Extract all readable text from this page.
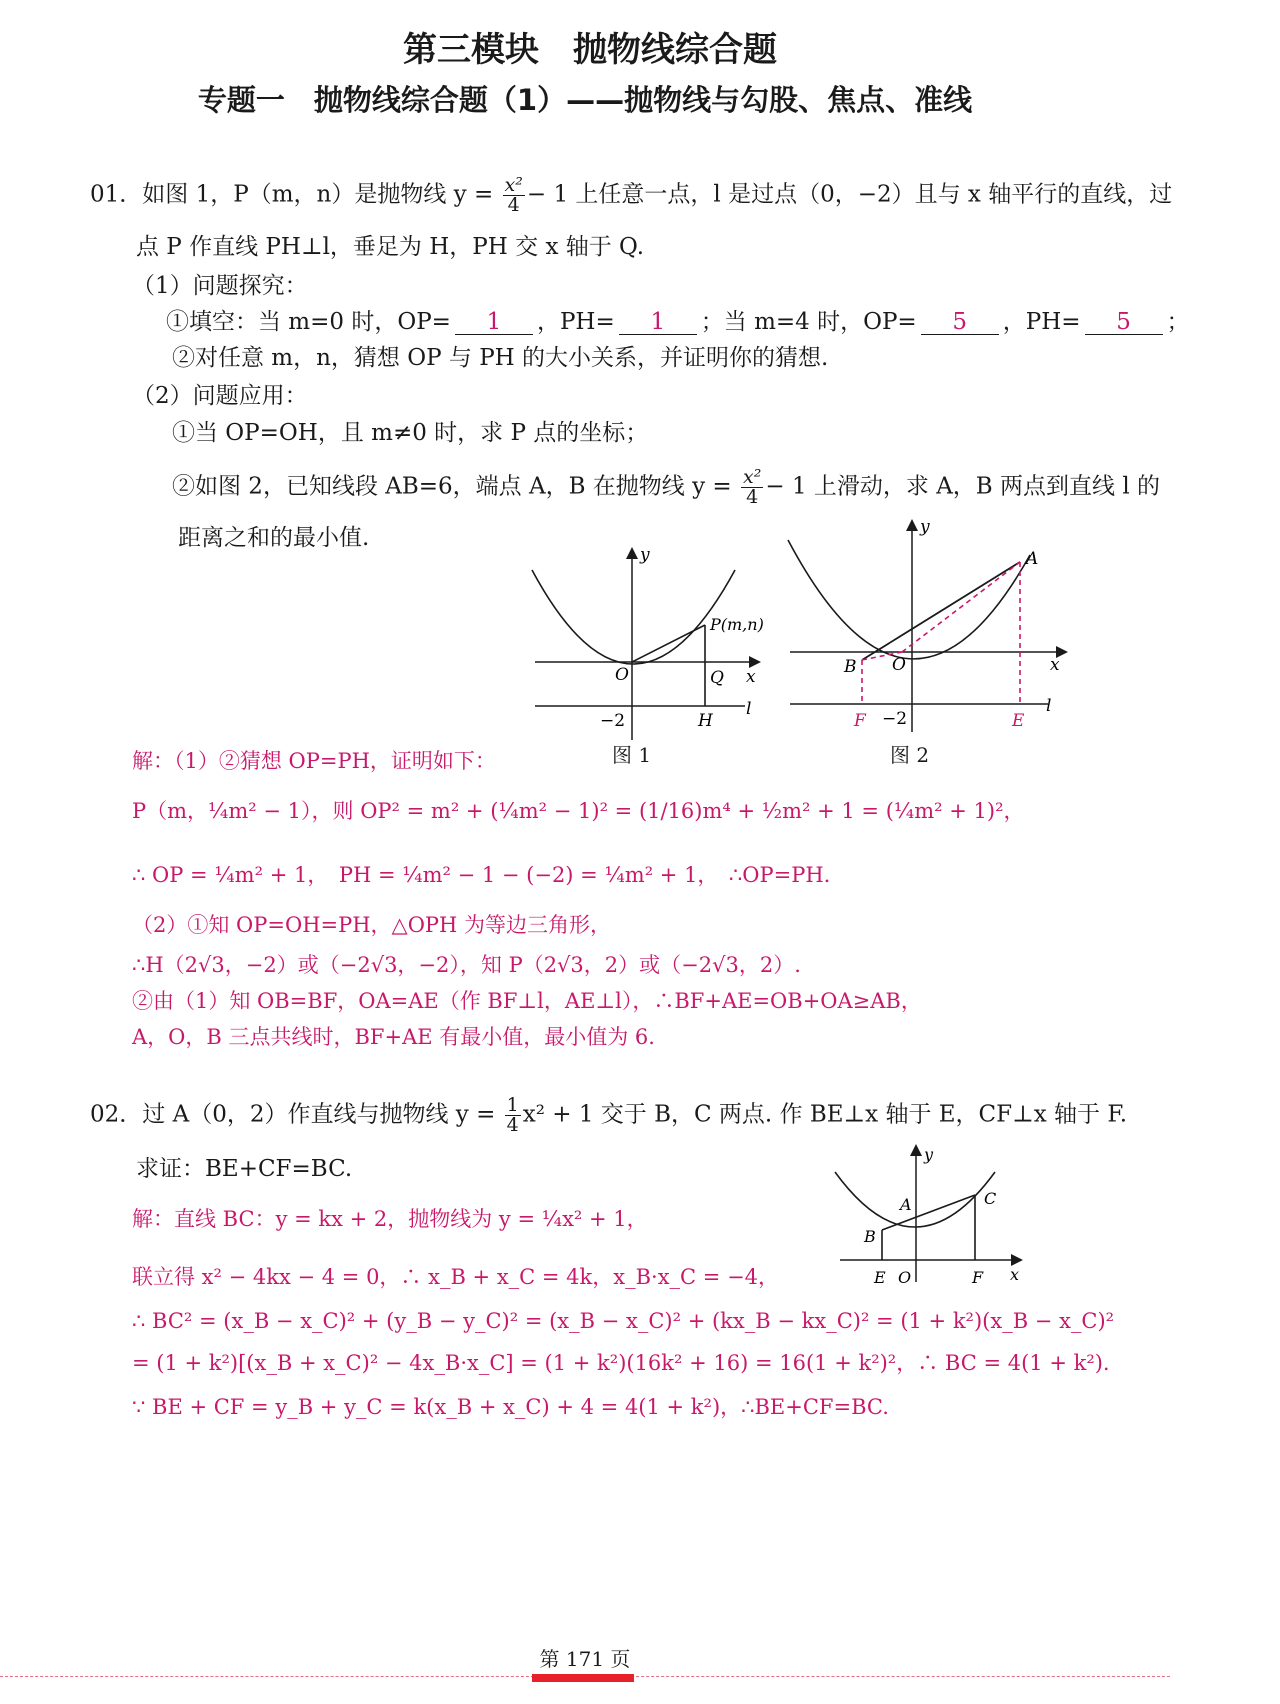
第三模块　抛物线综合题
专题一　抛物线综合题（1）——抛物线与勾股、焦点、准线
01．如图 1，P（m，n）是抛物线 $y = \frac{\text{x²}}{4} - 1$ 上任意一点，l 是过点（0，−2）且与 x 轴平行的直线，过
点 P 作直线 PH⊥l，垂足为 H，PH 交 x 轴于 Q.
（1）问题探究：
①填空：当 m=0 时，OP= 1 ，PH= 1 ；当 m=4 时，OP= 5 ，PH= 5 ；
②对任意 m，n，猜想 OP 与 PH 的大小关系，并证明你的猜想.
（2）问题应用：
①当 OP=OH，且 m≠0 时，求 P 点的坐标；
②如图 2，已知线段 AB=6，端点 A，B 在抛物线 $y = \frac{\text{x²}}{4} - 1$ 上滑动，求 A，B 两点到直线 l 的
距离之和的最小值.
y
x
O
P(m,n)
Q
H
l
−2
图 1
y
x
O
A
B
F	E
l
−2
图 2
解：（1）②猜想 OP=PH，证明如下：
P（m，¼m² − 1），则 OP² = m² + (¼m² − 1)² = (1/16)m⁴ + ½m² + 1 = (¼m² + 1)²，
∴ OP = ¼m² + 1，　PH = ¼m² − 1 − (−2) = ¼m² + 1，　∴OP=PH.
（2）①知 OP=OH=PH，△OPH 为等边三角形，
∴H（2√3，−2）或（−2√3，−2），知 P（2√3，2）或（−2√3，2）.
②由（1）知 OB=BF，OA=AE（作 BF⊥l，AE⊥l），∴BF+AE=OB+OA≥AB，
A，O，B 三点共线时，BF+AE 有最小值，最小值为 6.
02．过 A（0，2）作直线与抛物线 $y = \frac{1}{4} x^2 + 1$ 交于 B，C 两点. 作 BE⊥x 轴于 E，CF⊥x 轴于 F.
求证：BE+CF=BC.
解：直线 BC：y = kx + 2，抛物线为 y = ¼x² + 1，
联立得 x² − 4kx − 4 = 0，∴ x_B + x_C = 4k，x_B·x_C = −4，
∴ BC² = (x_B − x_C)² + (y_B − y_C)² = (x_B − x_C)² + (kx_B − kx_C)² = (1 + k²)(x_B − x_C)²
= (1 + k²)[(x_B + x_C)² − 4x_B·x_C] = (1 + k²)(16k² + 16) = 16(1 + k²)²，∴ BC = 4(1 + k²).
∵ BE + CF = y_B + y_C = k(x_B + x_C) + 4 = 4(1 + k²)，∴BE+CF=BC.
y
x
O
A
B
C
E	F
第 171 页
